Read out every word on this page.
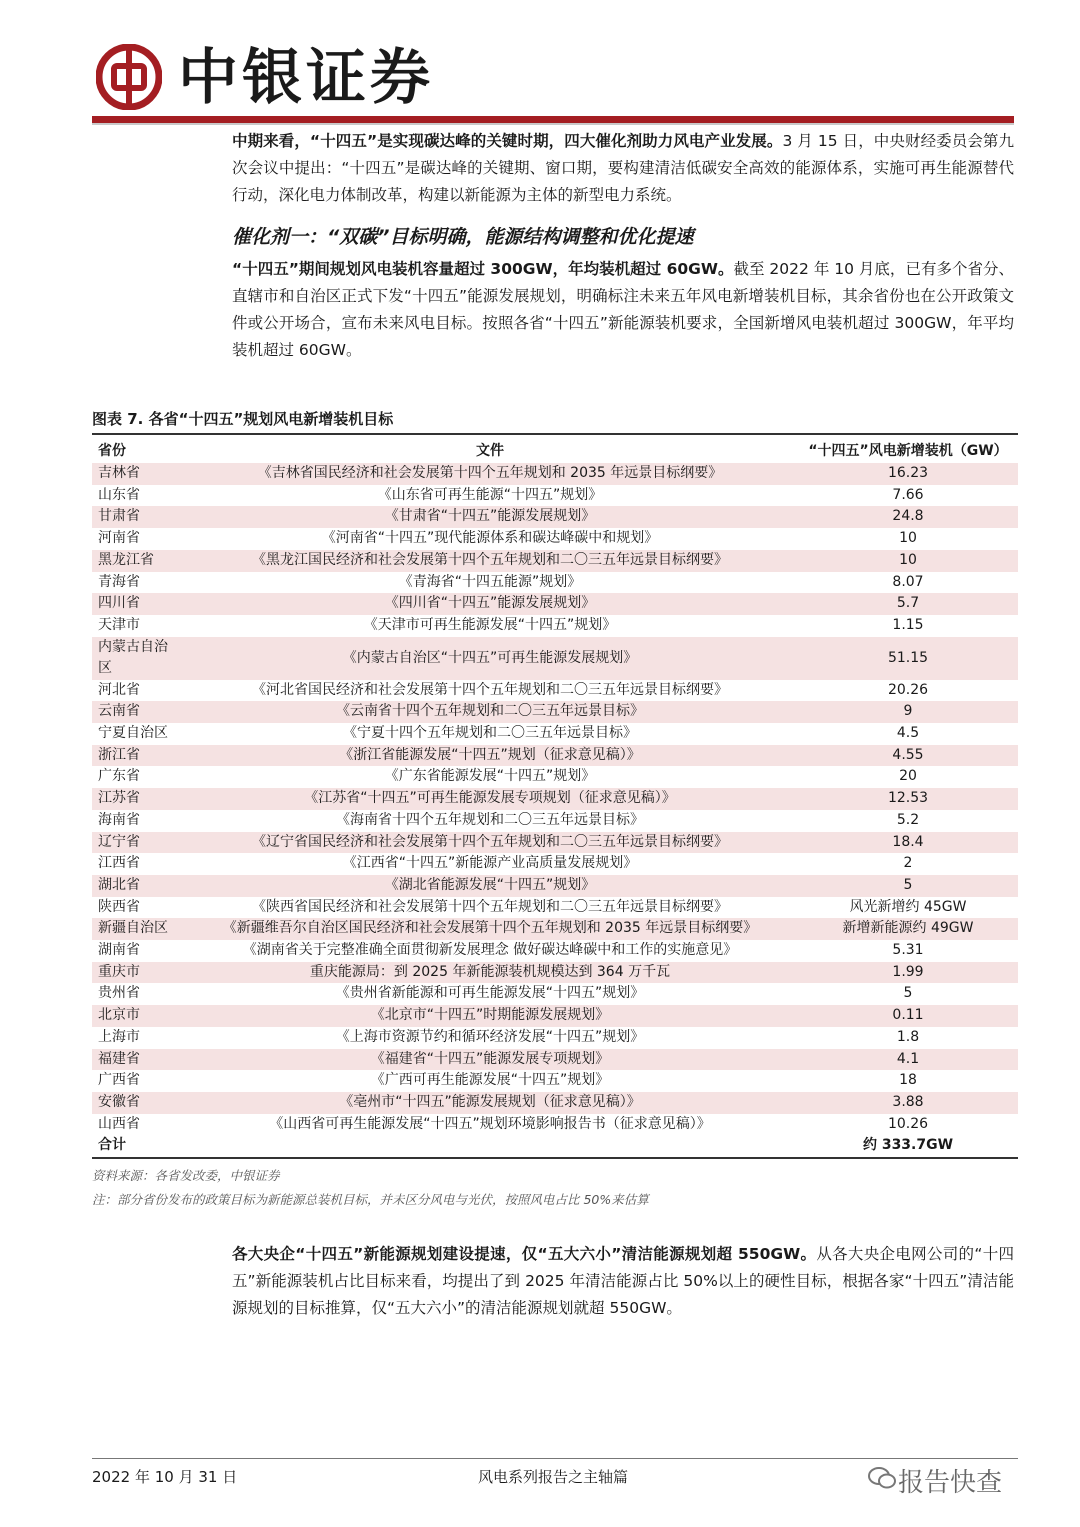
中银证券

中期来看，“十四五”是实现碳达峰的关键时期，四大催化剂助力风电产业发展。3 月 15 日，中央财经委员会第九次会议中提出：“十四五”是碳达峰的关键期、窗口期，要构建清洁低碳安全高效的能源体系，实施可再生能源替代行动，深化电力体制改革，构建以新能源为主体的新型电力系统。

催化剂一：“双碳”目标明确，能源结构调整和优化提速

“十四五”期间规划风电装机容量超过 300GW，年均装机超过 60GW。截至 2022 年 10 月底，已有多个省分、直辖市和自治区正式下发“十四五”能源发展规划，明确标注未来五年风电新增装机目标，其余省份也在公开政策文件或公开场合，宣布未来风电目标。按照各省“十四五”新能源装机要求，全国新增风电装机超过 300GW，年平均装机超过 60GW。

图表 7. 各省“十四五”规划风电新增装机目标

省份	文件	“十四五”风电新增装机（GW）
吉林省	《吉林省国民经济和社会发展第十四个五年规划和 2035 年远景目标纲要》	16.23
山东省	《山东省可再生能源“十四五”规划》	7.66
甘肃省	《甘肃省“十四五”能源发展规划》	24.8
河南省	《河南省“十四五”现代能源体系和碳达峰碳中和规划》	10
黑龙江省	《黑龙江国民经济和社会发展第十四个五年规划和二〇三五年远景目标纲要》	10
青海省	《青海省“十四五能源”规划》	8.07
四川省	《四川省“十四五”能源发展规划》	5.7
天津市	《天津市可再生能源发展“十四五”规划》	1.15
内蒙古自治区	《内蒙古自治区“十四五”可再生能源发展规划》	51.15
河北省	《河北省国民经济和社会发展第十四个五年规划和二〇三五年远景目标纲要》	20.26
云南省	《云南省十四个五年规划和二〇三五年远景目标》	9
宁夏自治区	《宁夏十四个五年规划和二〇三五年远景目标》	4.5
浙江省	《浙江省能源发展“十四五”规划（征求意见稿）》	4.55
广东省	《广东省能源发展“十四五”规划》	20
江苏省	《江苏省“十四五”可再生能源发展专项规划（征求意见稿）》	12.53
海南省	《海南省十四个五年规划和二〇三五年远景目标》	5.2
辽宁省	《辽宁省国民经济和社会发展第十四个五年规划和二〇三五年远景目标纲要》	18.4
江西省	《江西省“十四五”新能源产业高质量发展规划》	2
湖北省	《湖北省能源发展“十四五”规划》	5
陕西省	《陕西省国民经济和社会发展第十四个五年规划和二〇三五年远景目标纲要》	风光新增约 45GW
新疆自治区	《新疆维吾尔自治区国民经济和社会发展第十四个五年规划和 2035 年远景目标纲要》	新增新能源约 49GW
湖南省	《湖南省关于完整准确全面贯彻新发展理念 做好碳达峰碳中和工作的实施意见》	5.31
重庆市	重庆能源局：到 2025 年新能源装机规模达到 364 万千瓦	1.99
贵州省	《贵州省新能源和可再生能源发展“十四五”规划》	5
北京市	《北京市“十四五”时期能源发展规划》	0.11
上海市	《上海市资源节约和循环经济发展“十四五”规划》	1.8
福建省	《福建省“十四五”能源发展专项规划》	4.1
广西省	《广西可再生能源发展“十四五”规划》	18
安徽省	《亳州市“十四五”能源发展规划（征求意见稿）》	3.88
山西省	《山西省可再生能源发展“十四五”规划环境影响报告书（征求意见稿）》	10.26
合计		约 333.7GW

资料来源：各省发改委，中银证券

注：部分省份发布的政策目标为新能源总装机目标，并未区分风电与光伏，按照风电占比 50%来估算

各大央企“十四五”新能源规划建设提速，仅“五大六小”清洁能源规划超 550GW。从各大央企电网公司的“十四五”新能源装机占比目标来看，均提出了到 2025 年清洁能源占比 50%以上的硬性目标，根据各家“十四五”清洁能源规划的目标推算，仅“五大六小”的清洁能源规划就超 550GW。

2022 年 10 月 31 日	风电系列报告之主轴篇	报告快查
